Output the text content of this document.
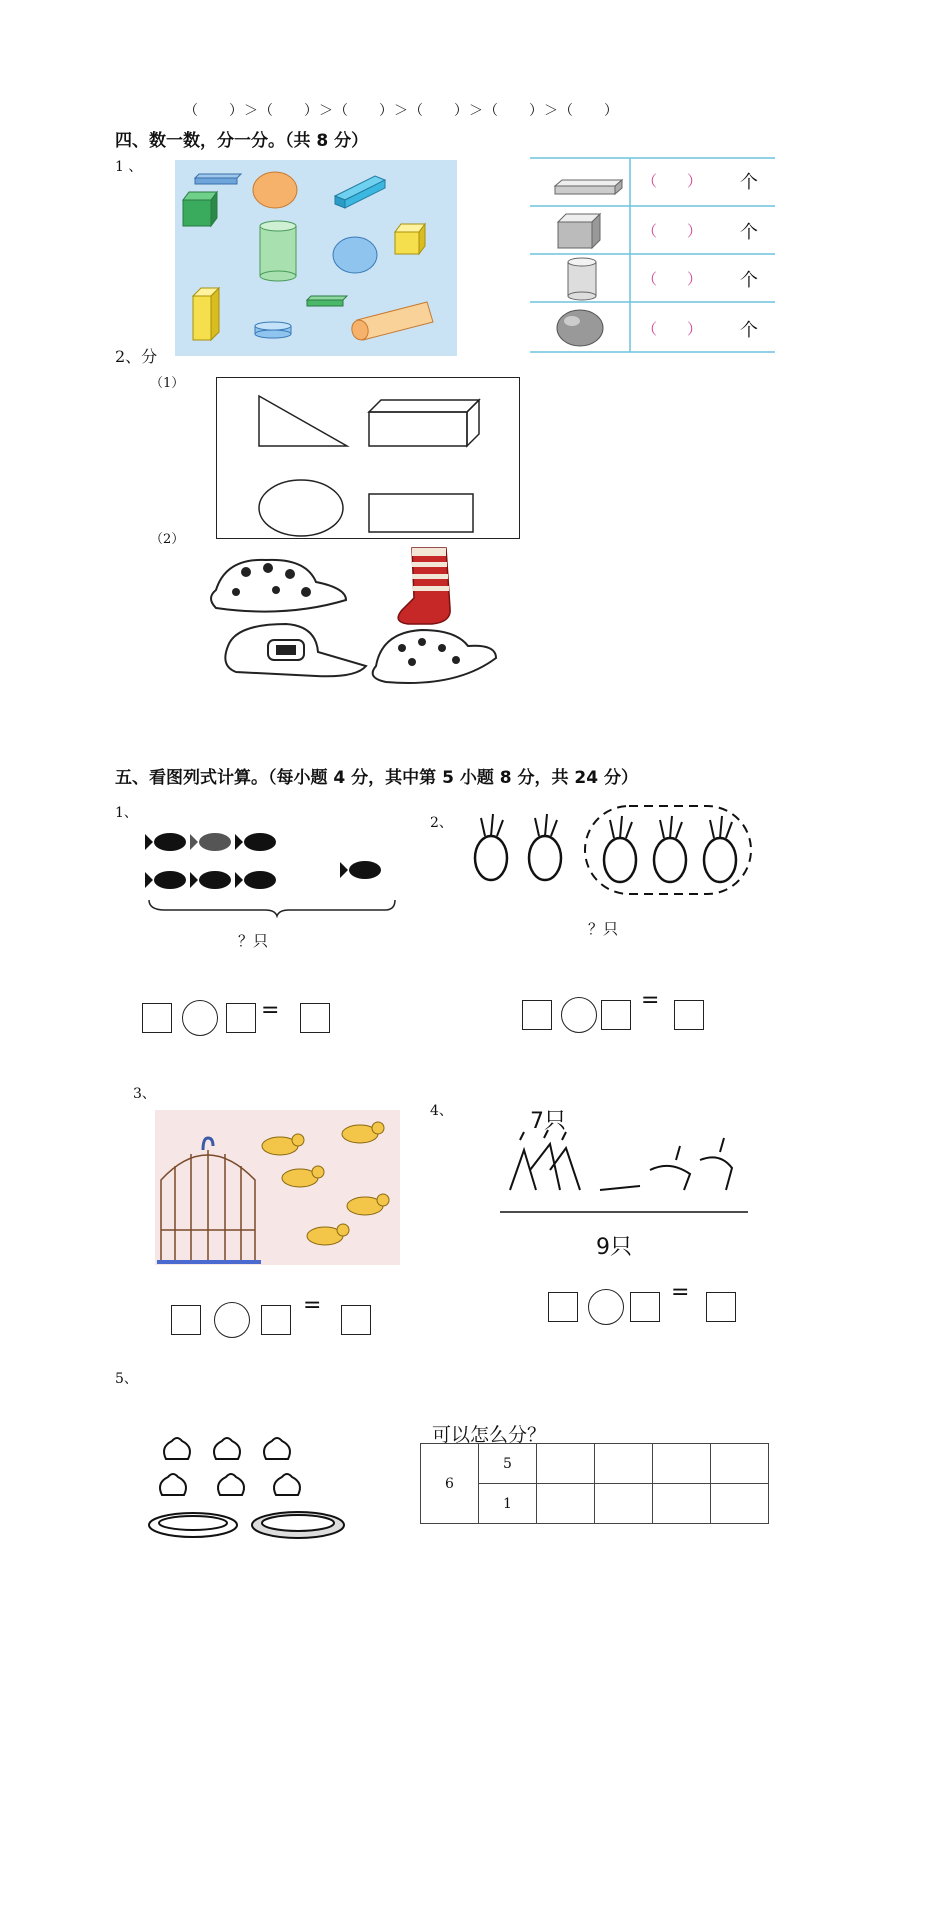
（　　）＞（　　）＞（　　）＞（　　）＞（　　）＞（　　）
四、数一数，分一分。（共 8 分）
1 、
（　　） 个
（　　） 个
（　　） 个
（　　） 个
2、分
（1）
（2）
五、看图列式计算。（每小题 4 分，其中第 5 小题 8 分，共 24 分）
1、
？只
2、
？只
=	=
3、
4、	7只
9只
=
=
5、
可以怎么分？
6	5				
	1				
